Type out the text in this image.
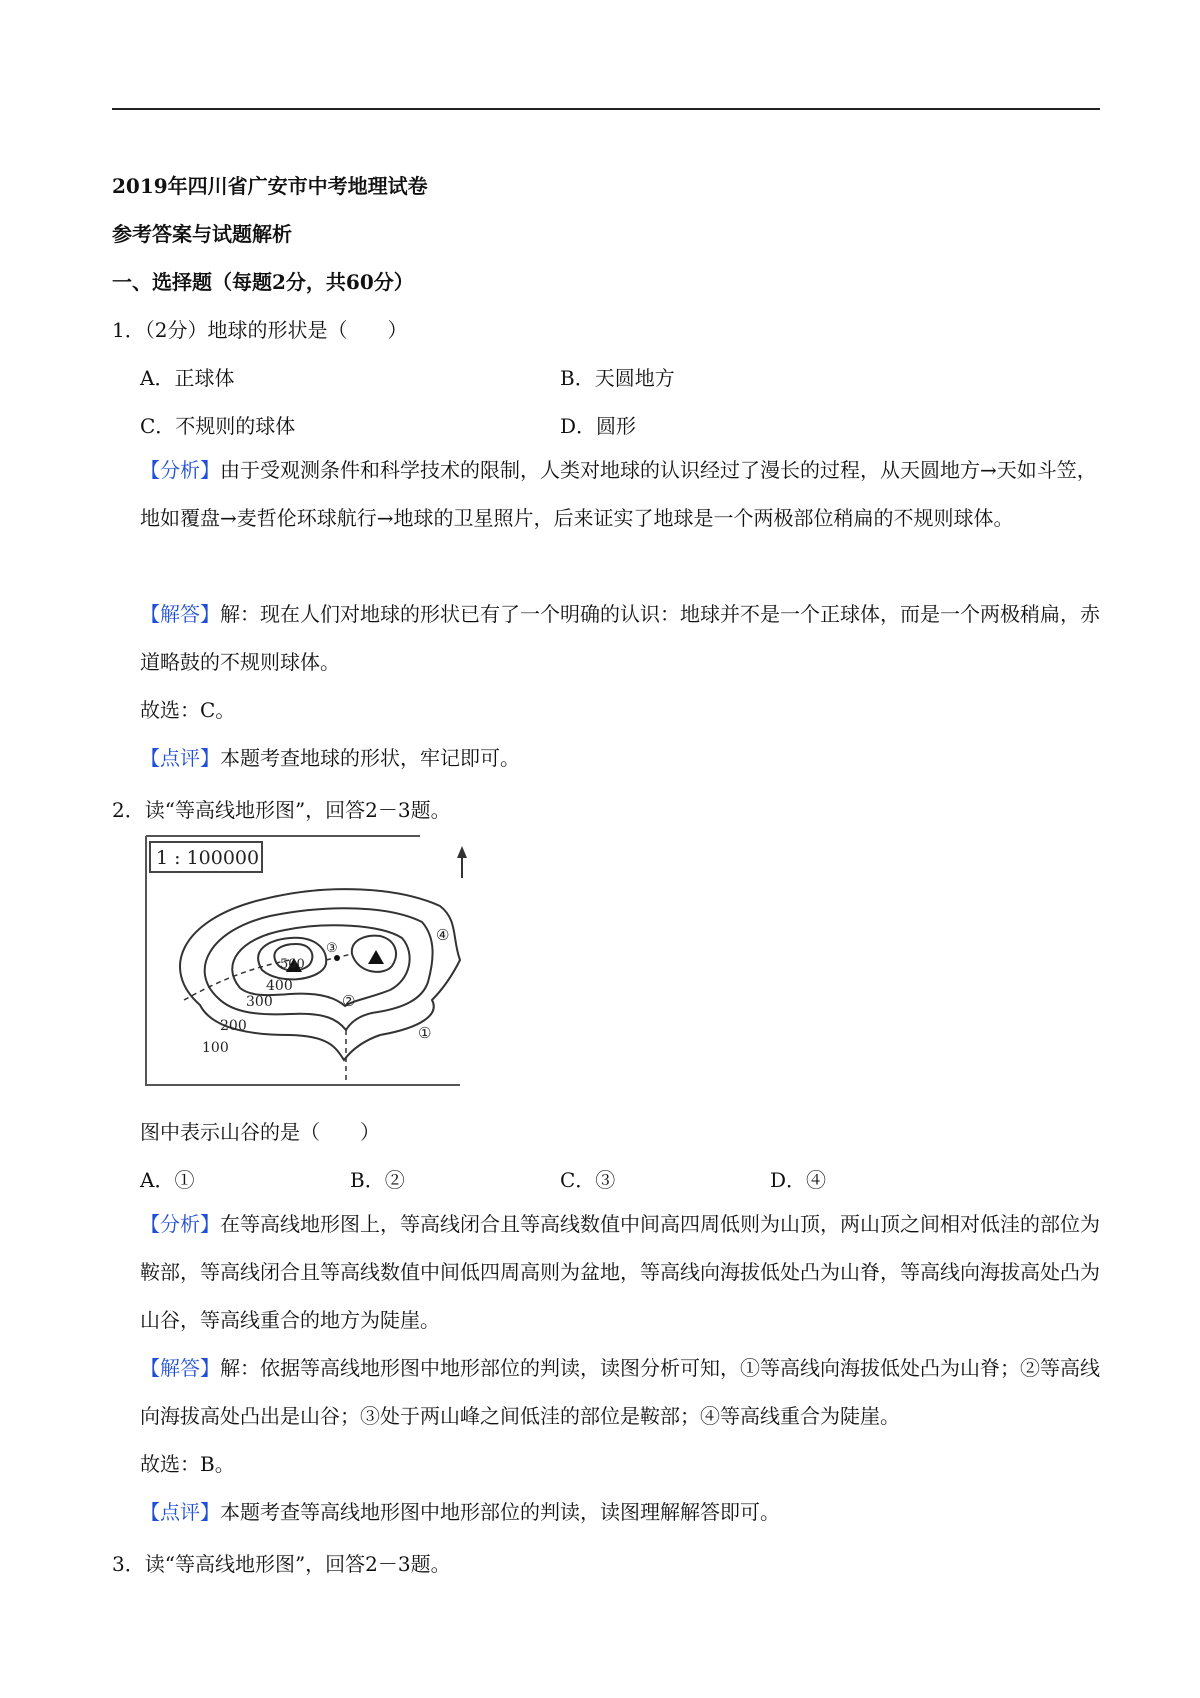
2019年四川省广安市中考地理试卷
参考答案与试题解析
一、选择题（每题2分，共60分）
1．（2分）地球的形状是（　　）
A．正球体	B．天圆地方
C．不规则的球体	D．圆形
【分析】由于受观测条件和科学技术的限制，人类对地球的认识经过了漫长的过程，从天圆地方→天如斗笠，地如覆盘→麦哲伦环球航行→地球的卫星照片，后来证实了地球是一个两极部位稍扁的不规则球体。
【解答】解：现在人们对地球的形状已有了一个明确的认识：地球并不是一个正球体，而是一个两极稍扁，赤道略鼓的不规则球体。
故选：C。
【点评】本题考查地球的形状，牢记即可。
2．读“等高线地形图”，回答2－3题。
1 : 100000
500
400
300
200
100
①
②
③
④
图中表示山谷的是（　　）
A．①	B．②	C．③	D．④
【分析】在等高线地形图上，等高线闭合且等高线数值中间高四周低则为山顶，两山顶之间相对低洼的部位为鞍部，等高线闭合且等高线数值中间低四周高则为盆地，等高线向海拔低处凸为山脊，等高线向海拔高处凸为山谷，等高线重合的地方为陡崖。
【解答】解：依据等高线地形图中地形部位的判读，读图分析可知，①等高线向海拔低处凸为山脊；②等高线向海拔高处凸出是山谷；③处于两山峰之间低洼的部位是鞍部；④等高线重合为陡崖。
故选：B。
【点评】本题考查等高线地形图中地形部位的判读，读图理解解答即可。
3．读“等高线地形图”，回答2－3题。
